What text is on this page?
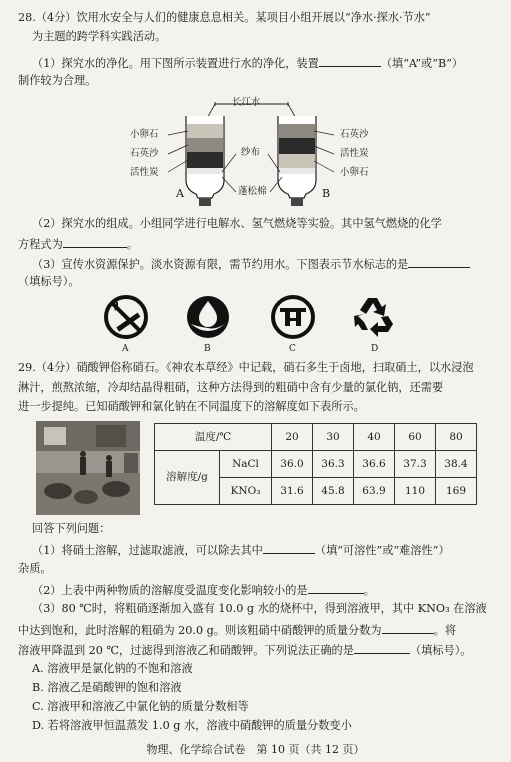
28.（4分）饮用水安全与人们的健康息息相关。某项目小组开展以“净水·探水·节水”
为主题的跨学科实践活动。
（1）探究水的净化。用下图所示装置进行水的净化，装置	（填“A”或“B”）
制作较为合理。
长江水
小卵石
石英沙
活性炭
石英沙
活性炭
小卵石
纱布
蓬松棉
A	B
（2）探究水的组成。小组同学进行电解水、氢气燃烧等实验。其中氢气燃烧的化学
方程式为	。
（3）宣传水资源保护。淡水资源有限，需节约用水。下图表示节水标志的是
（填标号）。
A	B	C	D
29.（4分）硝酸钾俗称硝石。《神农本草经》中记载，硝石多生于卤地，扫取硝土，以水浸泡
淋汁，煎熬浓缩，冷却结晶得粗硝，这种方法得到的粗硝中含有少量的氯化钠，还需要
进一步提纯。已知硝酸钾和氯化钠在不同温度下的溶解度如下表所示。
温度/℃		20	30	40	60	80
溶解度/g	NaCl	36.0	36.3	36.6	37.3	38.4
	KNO₃	31.6	45.8	63.9	110	169
回答下列问题：
（1）将硝土溶解，过滤取滤液，可以除去其中	（填“可溶性”或“难溶性”）
杂质。
（2）上表中两种物质的溶解度受温度变化影响较小的是	。
（3）80 ℃时，将粗硝逐渐加入盛有 10.0 g 水的烧杯中，得到溶液甲，其中 KNO₃ 在溶液
中达到饱和，此时溶解的粗硝为 20.0 g。则该粗硝中硝酸钾的质量分数为	。将
溶液甲降温到 20 ℃，过滤得到溶液乙和硝酸钾。下列说法正确的是	（填标号）。
A. 溶液甲是氯化钠的不饱和溶液
B. 溶液乙是硝酸钾的饱和溶液
C. 溶液甲和溶液乙中氯化钠的质量分数相等
D. 若将溶液甲恒温蒸发 1.0 g 水，溶液中硝酸钾的质量分数变小
物理、化学综合试卷　第 10 页（共 12 页）
